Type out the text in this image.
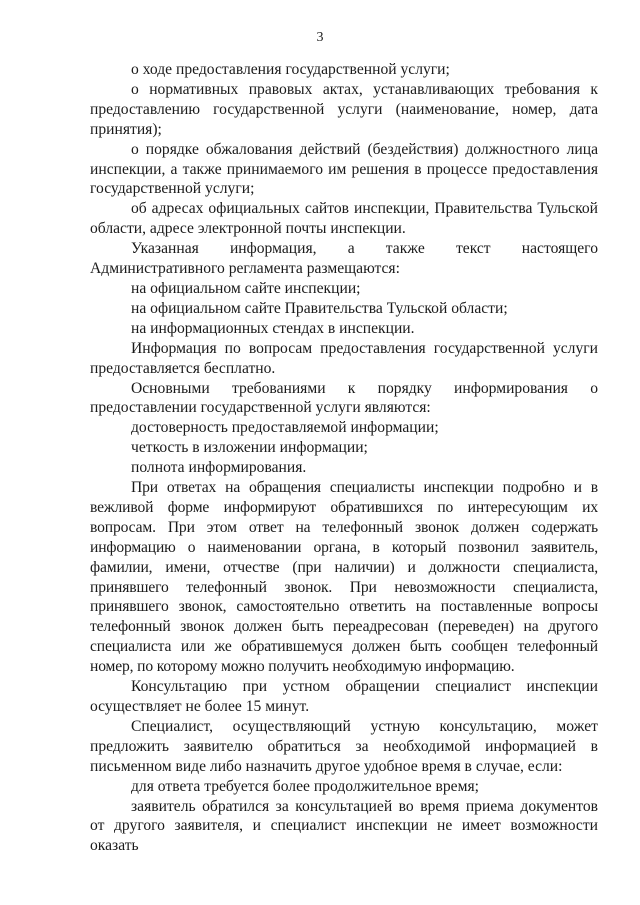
3

о ходе предоставления государственной услуги;

о нормативных правовых актах, устанавливающих требования к предоставлению государственной услуги (наименование, номер, дата принятия);

о порядке обжалования действий (бездействия) должностного лица инспекции, а также принимаемого им решения в процессе предоставления государственной услуги;

об адресах официальных сайтов инспекции, Правительства Тульской области, адресе электронной почты инспекции.

Указанная информация, а также текст настоящего Административного регламента размещаются:

на официальном сайте инспекции;

на официальном сайте Правительства Тульской области;

на информационных стендах в инспекции.

Информация по вопросам предоставления государственной услуги предоставляется бесплатно.

Основными требованиями к порядку информирования о предоставлении государственной услуги являются:

достоверность предоставляемой информации;

четкость в изложении информации;

полнота информирования.

При ответах на обращения специалисты инспекции подробно и в вежливой форме информируют обратившихся по интересующим их вопросам. При этом ответ на телефонный звонок должен содержать информацию о наименовании органа, в который позвонил заявитель, фамилии, имени, отчестве (при наличии) и должности специалиста, принявшего телефонный звонок. При невозможности специалиста, принявшего звонок, самостоятельно ответить на поставленные вопросы телефонный звонок должен быть переадресован (переведен) на другого специалиста или же обратившемуся должен быть сообщен телефонный номер, по которому можно получить необходимую информацию.

Консультацию при устном обращении специалист инспекции осуществляет не более 15 минут.

Специалист, осуществляющий устную консультацию, может предложить заявителю обратиться за необходимой информацией в письменном виде либо назначить другое удобное время в случае, если:

для ответа требуется более продолжительное время;

заявитель обратился за консультацией во время приема документов от другого заявителя, и специалист инспекции не имеет возможности оказать
